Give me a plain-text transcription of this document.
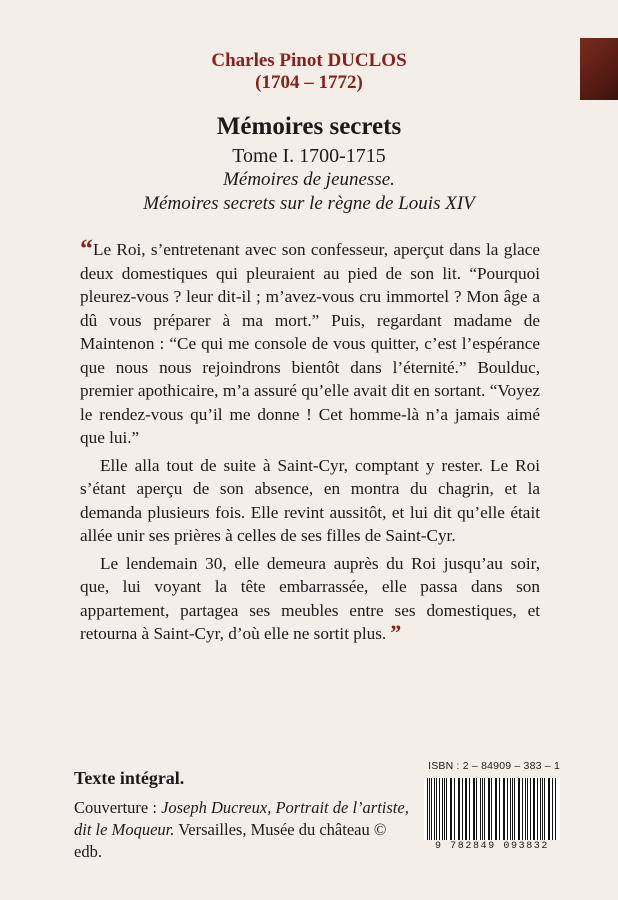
Charles Pinot DUCLOS
(1704 – 1772)
Mémoires secrets
Tome I. 1700-1715
Mémoires de jeunesse.
Mémoires secrets sur le règne de Louis XIV

“Le Roi, s’entretenant avec son confesseur, aperçut dans la glace deux domestiques qui pleuraient au pied de son lit. “Pourquoi pleurez-vous ? leur dit-il ; m’avez-vous cru immortel ? Mon âge a dû vous préparer à ma mort.” Puis, regardant madame de Maintenon : “Ce qui me console de vous quitter, c’est l’espérance que nous nous rejoindrons bientôt dans l’éternité.” Boulduc, premier apothicaire, m’a assuré qu’elle avait dit en sortant. “Voyez le rendez-vous qu’il me donne ! Cet homme-là n’a jamais aimé que lui.”

Elle alla tout de suite à Saint-Cyr, comptant y rester. Le Roi s’étant aperçu de son absence, en montra du chagrin, et la demanda plusieurs fois. Elle revint aussitôt, et lui dit qu’elle était allée unir ses prières à celles de ses filles de Saint-Cyr.

Le lendemain 30, elle demeura auprès du Roi jusqu’au soir, que, lui voyant la tête embarrassée, elle passa dans son appartement, partagea ses meubles entre ses domestiques, et retourna à Saint-Cyr, d’où elle ne sortit plus. ”

Texte intégral.
Couverture : Joseph Ducreux, Portrait de l’artiste, dit le Moqueur. Versailles, Musée du château © edb.
ISBN : 2 – 84909 – 383 – 1
9 782849 093832
